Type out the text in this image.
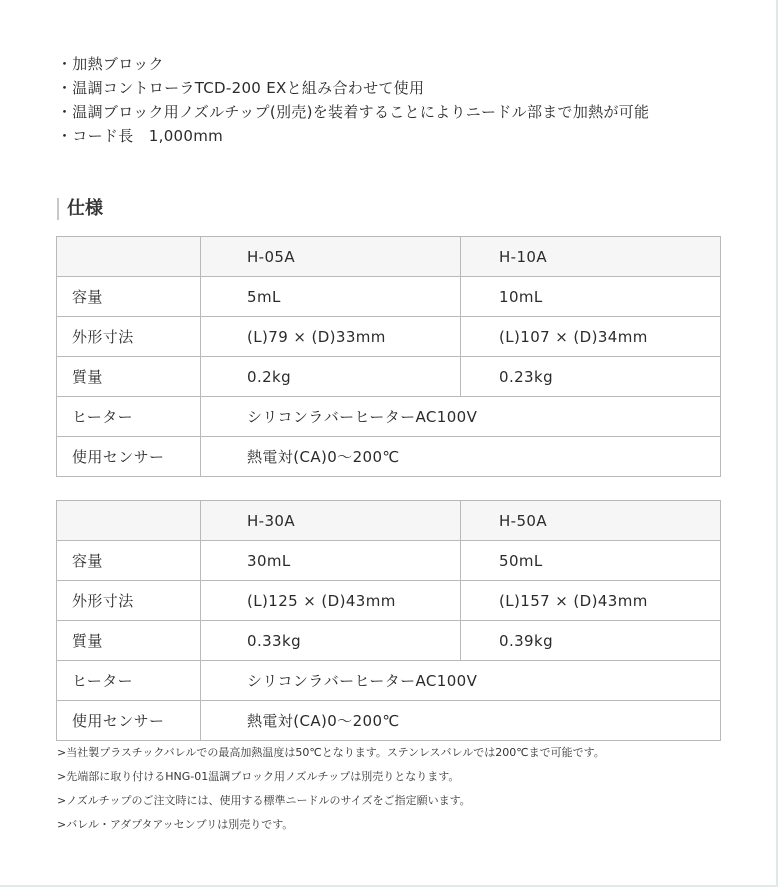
・加熱ブロック
・温調コントローラTCD-200 EXと組み合わせて使用
・温調ブロック用ノズルチップ(別売)を装着することによりニードル部まで加熱が可能
・コード長　1,000mm
仕様
	H-05A	H-10A
容量	5mL	10mL
外形寸法	(L)79 × (D)33mm	(L)107 × (D)34mm
質量	0.2kg	0.23kg
ヒーター	シリコンラバーヒーターAC100V	
使用センサー	熱電対(CA)0〜200℃	
	H-30A	H-50A
容量	30mL	50mL
外形寸法	(L)125 × (D)43mm	(L)157 × (D)43mm
質量	0.33kg	0.39kg
ヒーター	シリコンラバーヒーターAC100V	
使用センサー	熱電対(CA)0〜200℃	
>当社製プラスチックバレルでの最高加熱温度は50℃となります。ステンレスバレルでは200℃まで可能です。
>先端部に取り付けるHNG-01温調ブロック用ノズルチップは別売りとなります。
>ノズルチップのご注文時には、使用する標準ニードルのサイズをご指定願います。
>バレル・アダプタアッセンブリは別売りです。
